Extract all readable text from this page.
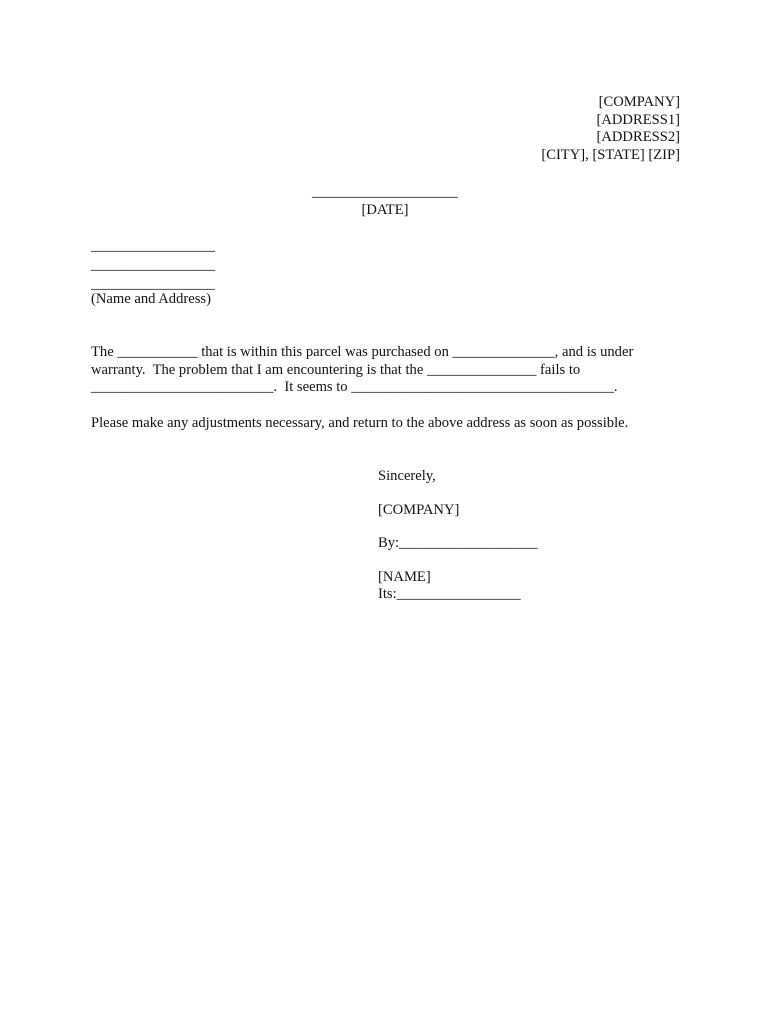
[COMPANY]
[ADDRESS1]
[ADDRESS2]
[CITY], [STATE] [ZIP]
____________________
[DATE]
_________________
_________________
_________________
(Name and Address)
The ___________ that is within this parcel was purchased on ______________, and is under
warranty.  The problem that I am encountering is that the _______________ fails to
_________________________.  It seems to ____________________________________.
Please make any adjustments necessary, and return to the above address as soon as possible.
Sincerely,
[COMPANY]
By:___________________
[NAME]
Its:_________________
